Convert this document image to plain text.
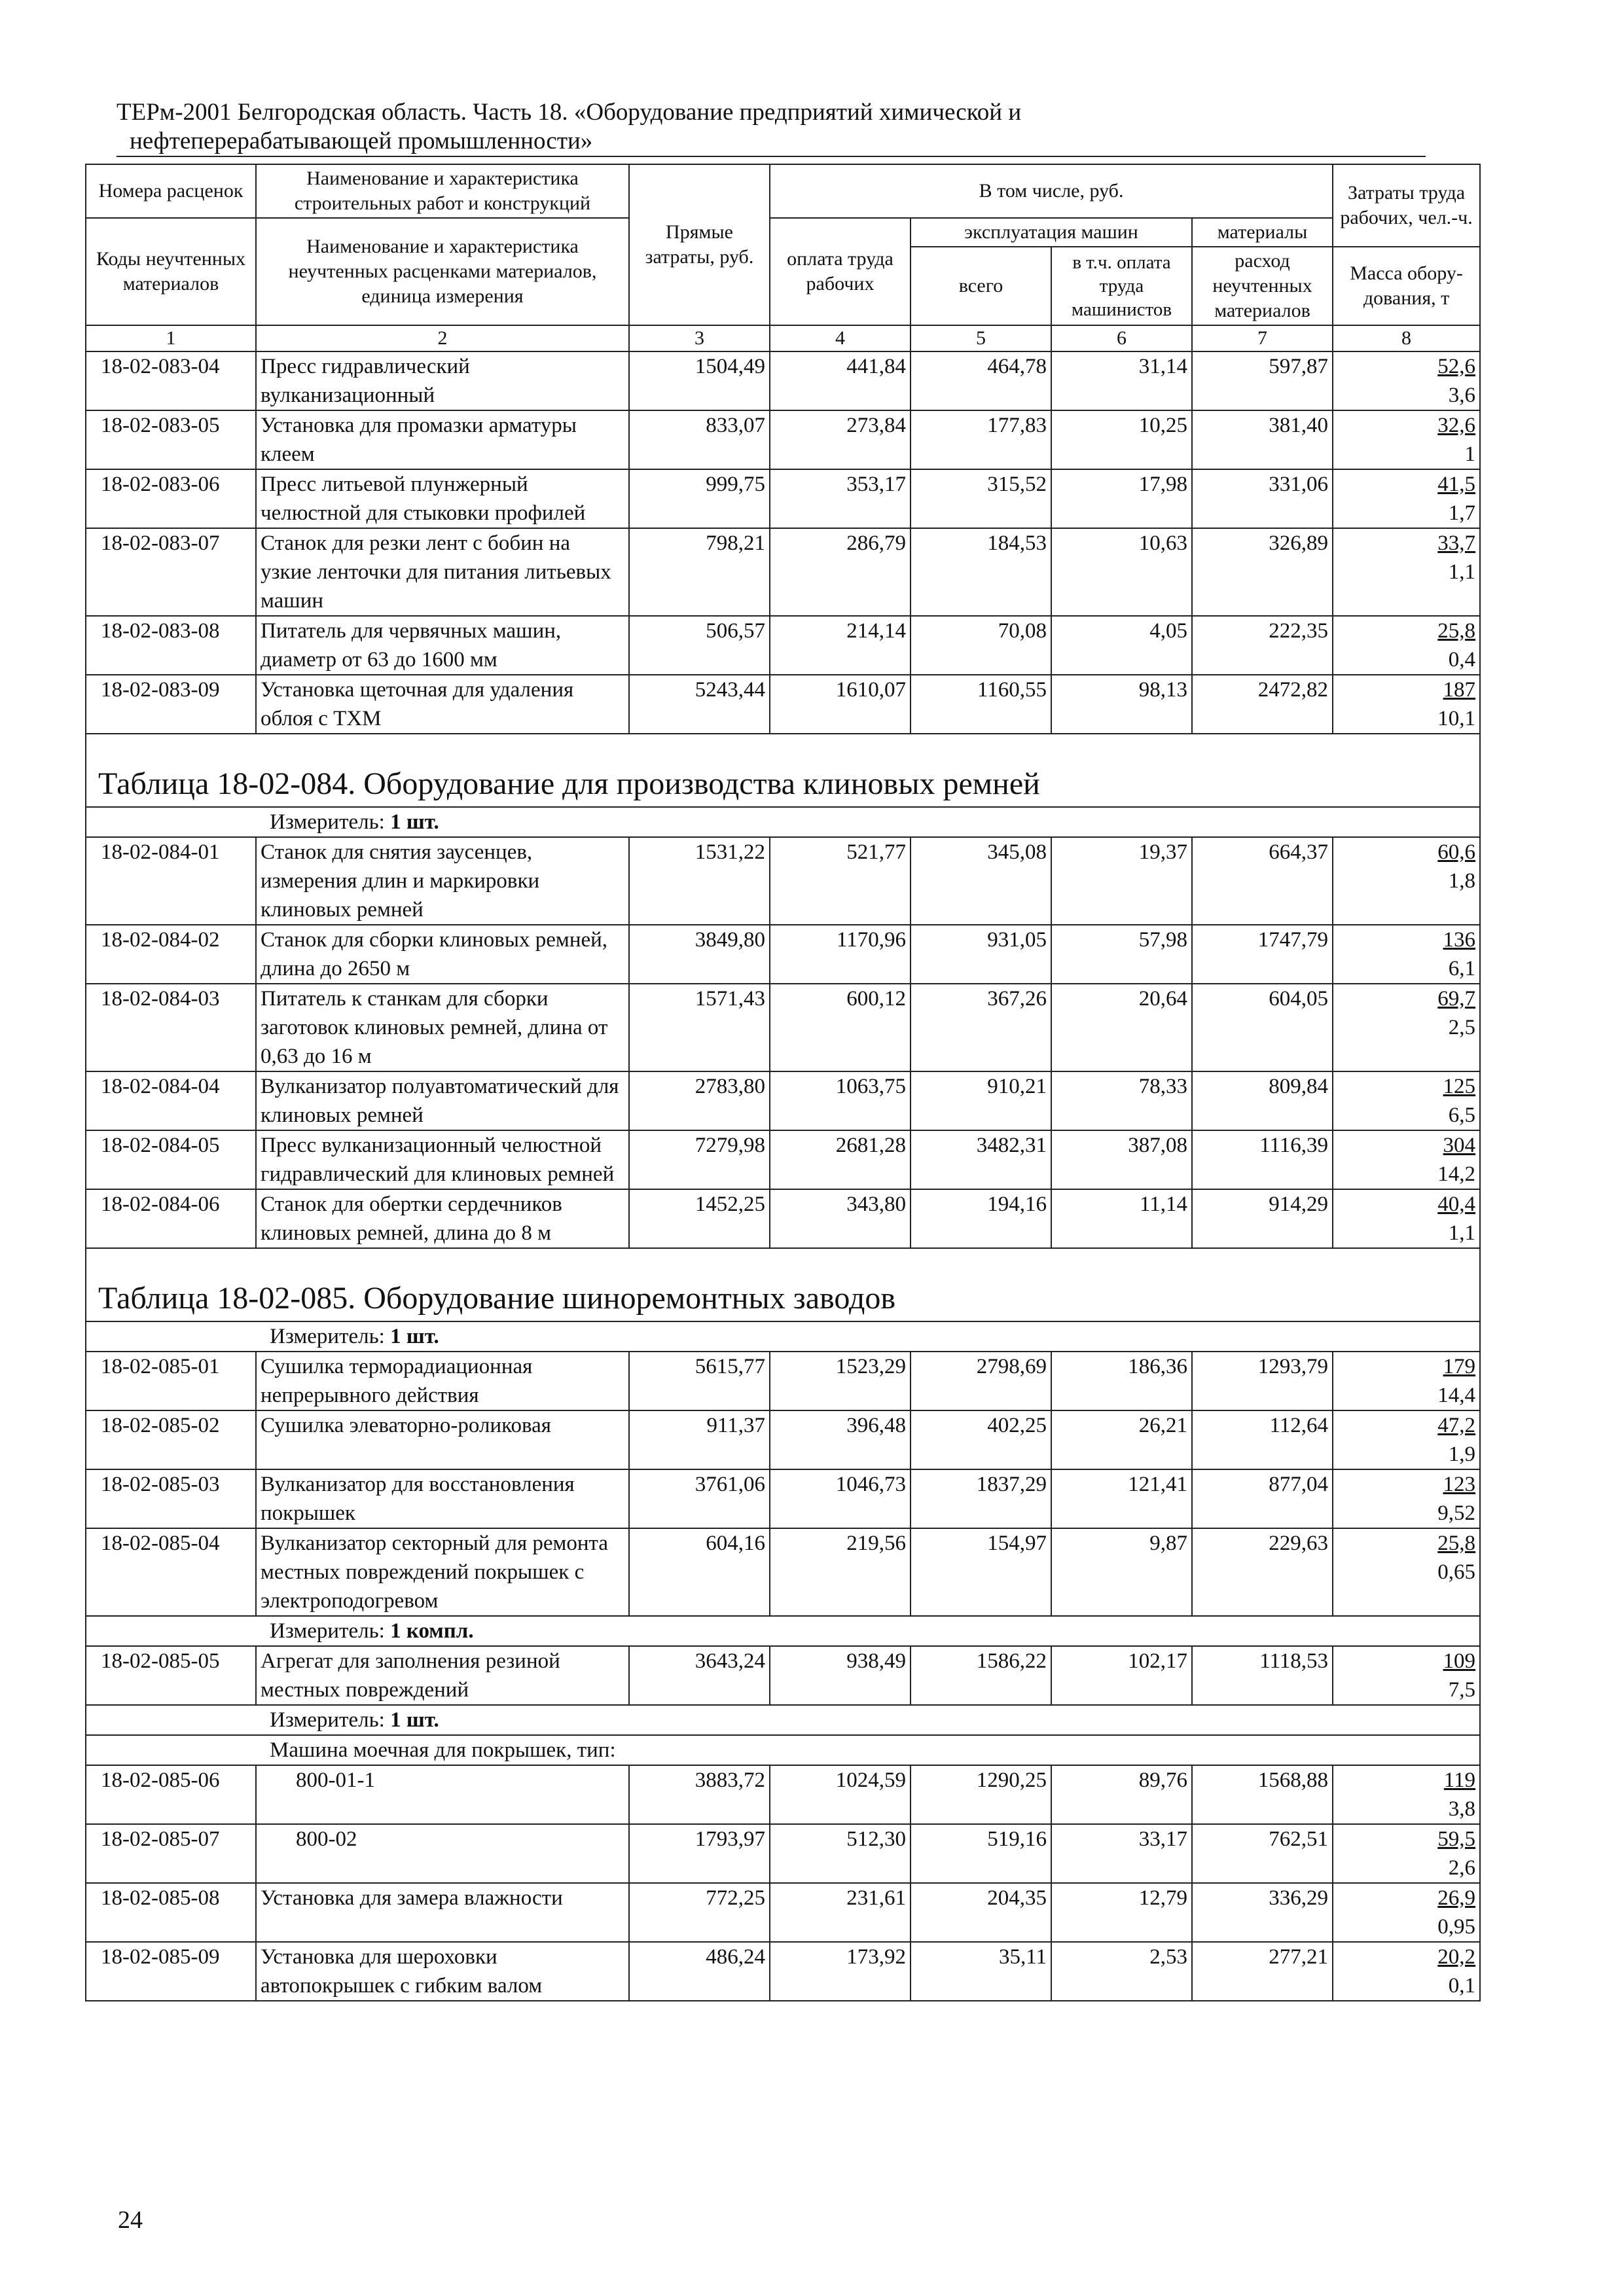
ТЕРм-2001 Белгородская область. Часть 18. «Оборудование предприятий химической и
нефтеперерабатывающей промышленности»
Номера расценок	Наименование и характеристика строительных работ и конструкций	Прямые затраты, руб.	В том числе, руб.				Затраты труда рабочих, чел.-ч.
Коды неучтенных материалов	Наименование и характеристика неучтенных расценками материалов, единица измерения		оплата труда рабочих	эксплуатация машин		материалы	
				всего	в т.ч. оплата труда машинистов	расход неучтенных материалов	Масса обору-дования, т
1	2	3	4	5	6	7	8
18-02-083-04	Пресс гидравлический вулканизационный	1504,49	441,84	464,78	31,14	597,87	52,6
3,6

18-02-083-05	Установка для промазки арматуры клеем	833,07	273,84	177,83	10,25	381,40	32,6
1

18-02-083-06	Пресс литьевой плунжерный челюстной для стыковки профилей	999,75	353,17	315,52	17,98	331,06	41,5
1,7

18-02-083-07	Станок для резки лент с бобин на узкие ленточки для питания литьевых машин	798,21	286,79	184,53	10,63	326,89	33,7
1,1

18-02-083-08	Питатель для червячных машин, диаметр от 63 до 1600 мм	506,57	214,14	70,08	4,05	222,35	25,8
0,4

18-02-083-09	Установка щеточная для удаления облоя с ТХМ	5243,44	1610,07	1160,55	98,13	2472,82	187
10,1

Таблица 18-02-084. Оборудование для производства клиновых ремней							
Измеритель: 1 шт.							
18-02-084-01	Станок для снятия заусенцев, измерения длин и маркировки клиновых ремней	1531,22	521,77	345,08	19,37	664,37	60,6
1,8

18-02-084-02	Станок для сборки клиновых ремней, длина до 2650 м	3849,80	1170,96	931,05	57,98	1747,79	136
6,1

18-02-084-03	Питатель к станкам для сборки заготовок клиновых ремней, длина от 0,63 до 16 м	1571,43	600,12	367,26	20,64	604,05	69,7
2,5

18-02-084-04	Вулканизатор полуавтоматический для клиновых ремней	2783,80	1063,75	910,21	78,33	809,84	125
6,5

18-02-084-05	Пресс вулканизационный челюстной гидравлический для клиновых ремней	7279,98	2681,28	3482,31	387,08	1116,39	304
14,2

18-02-084-06	Станок для обертки сердечников клиновых ремней, длина до 8 м	1452,25	343,80	194,16	11,14	914,29	40,4
1,1

Таблица 18-02-085. Оборудование шиноремонтных заводов							
Измеритель: 1 шт.							
18-02-085-01	Сушилка терморадиационная непрерывного действия	5615,77	1523,29	2798,69	186,36	1293,79	179
14,4

18-02-085-02	Сушилка элеваторно-роликовая	911,37	396,48	402,25	26,21	112,64	47,2
1,9

18-02-085-03	Вулканизатор для восстановления покрышек	3761,06	1046,73	1837,29	121,41	877,04	123
9,52

18-02-085-04	Вулканизатор секторный для ремонта местных повреждений покрышек с электроподогревом	604,16	219,56	154,97	9,87	229,63	25,8
0,65

Измеритель: 1 компл.							
18-02-085-05	Агрегат для заполнения резиной местных повреждений	3643,24	938,49	1586,22	102,17	1118,53	109
7,5

Измеритель: 1 шт.							
Машина моечная для покрышек, тип:							
18-02-085-06	800-01-1	3883,72	1024,59	1290,25	89,76	1568,88	119
3,8

18-02-085-07	800-02	1793,97	512,30	519,16	33,17	762,51	59,5
2,6

18-02-085-08	Установка для замера влажности	772,25	231,61	204,35	12,79	336,29	26,9
0,95

18-02-085-09	Установка для шероховки автопокрышек с гибким валом	486,24	173,92	35,11	2,53	277,21	20,2
0,1
24
